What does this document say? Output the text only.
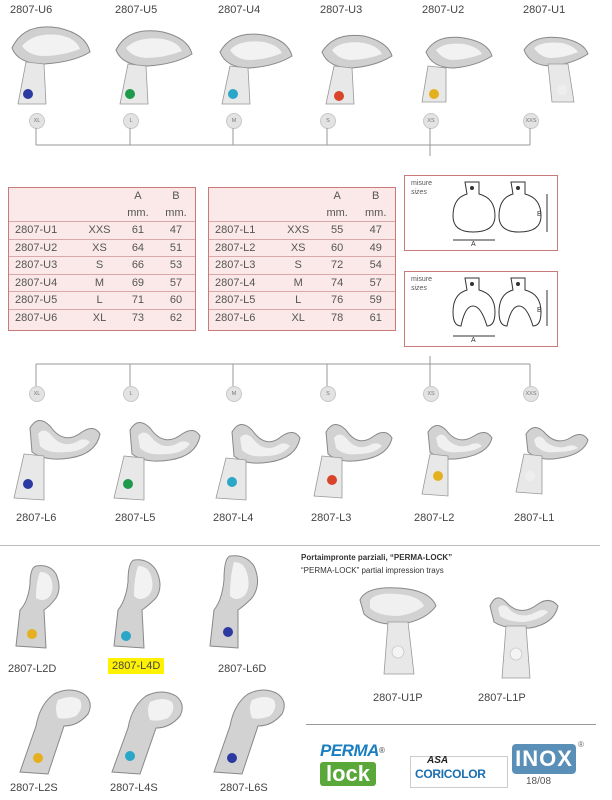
2807-U6	2807-U5	2807-U4	2807-U3	2807-U2	2807-U1
XL	L	M	S	XS	XXS
		A	B
		mm.	mm.
2807-U1	XXS	61	47
2807-U2	XS	64	51
2807-U3	S	66	53
2807-U4	M	69	57
2807-U5	L	71	60
2807-U6	XL	73	62
		A	B
		mm.	mm.
2807-L1	XXS	55	47
2807-L2	XS	60	49
2807-L3	S	72	54
2807-L4	M	74	57
2807-L5	L	76	59
2807-L6	XL	78	61
misure
sizes
A
B
misure
sizes
A
B
XL	L	M	S	XS	XXS
2807-L6	2807-L5	2807-L4	2807-L3	2807-L2	2807-L1
Portaimpronte parziali, “PERMA-LOCK”
“PERMA-LOCK” partial impression trays
2807-L2D	2807-L4D	2807-L6D
2807-U1P	2807-L1P
2807-L2S	2807-L4S	2807-L6S
PERMA®
lock
ASA
CORICOLOR
INOX
®
18/08
